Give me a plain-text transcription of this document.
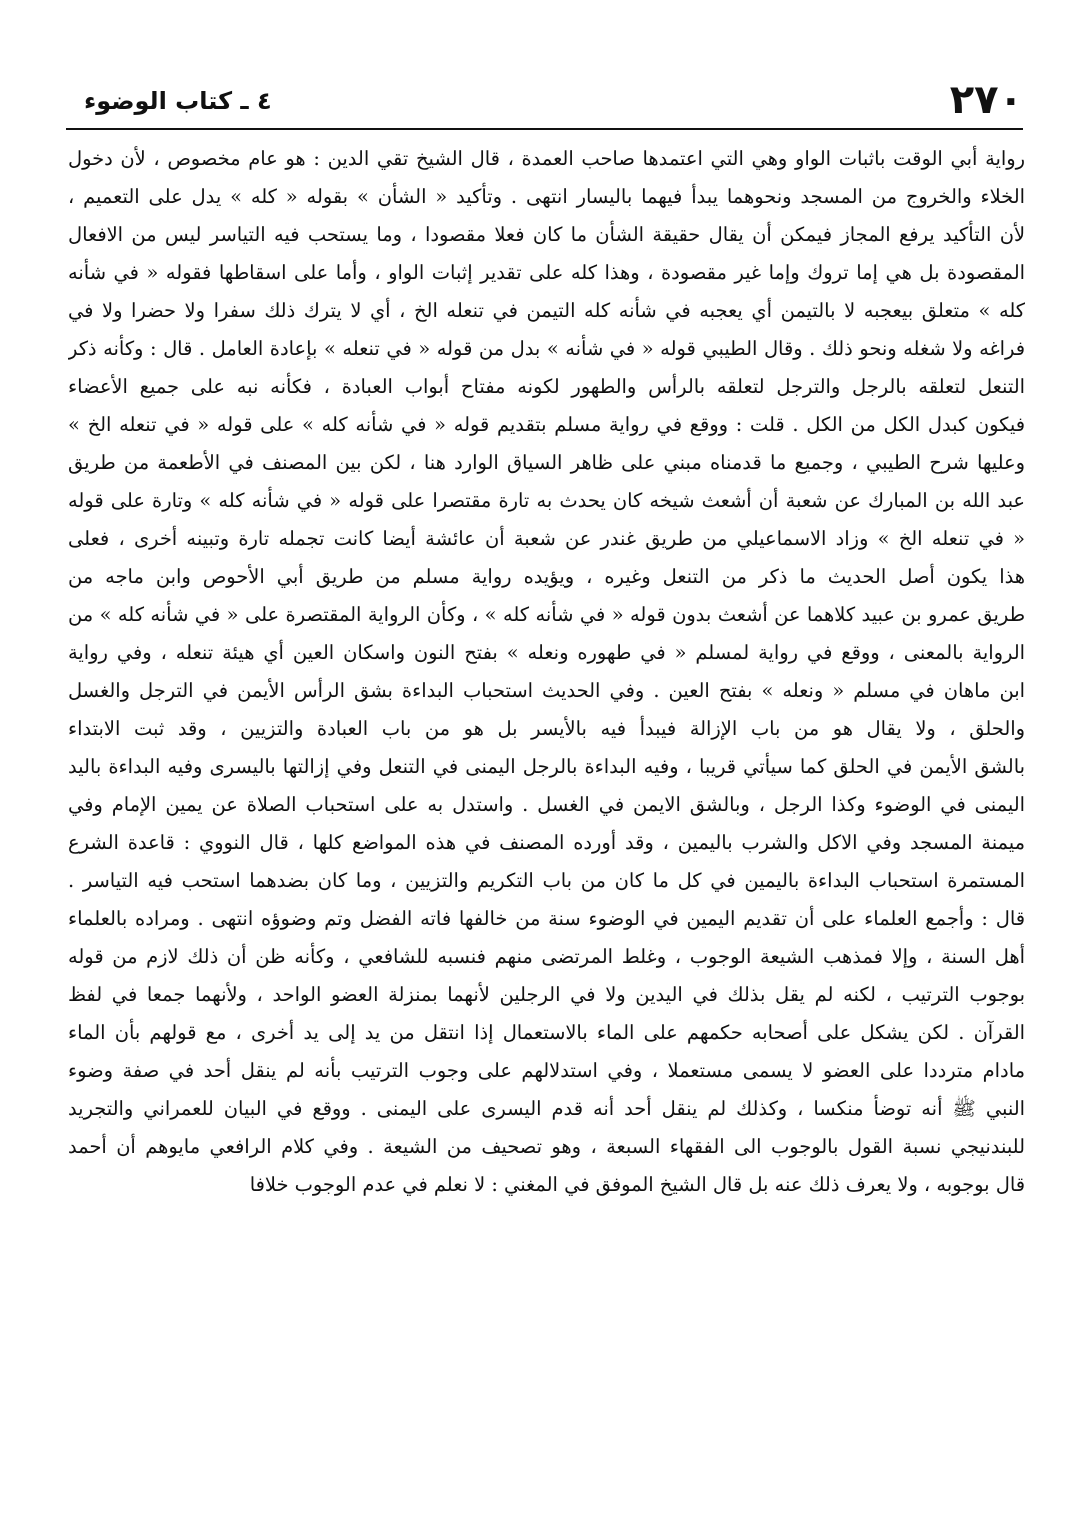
٢٧٠
٤ ـ كتاب الوضوء
رواية أبي الوقت باثبات الواو وهي التي اعتمدها صاحب العمدة ، قال الشيخ تقي الدين : هو عام مخصوص ، لأن دخول
الخلاء والخروج من المسجد ونحوهما يبدأ فيهما باليسار انتهى . وتأكيد « الشأن » بقوله « كله » يدل على التعميم ،
لأن التأكيد يرفع المجاز فيمكن أن يقال حقيقة الشأن ما كان فعلا مقصودا ، وما يستحب فيه التياسر ليس من الافعال
المقصودة بل هي إما تروك وإما غير مقصودة ، وهذا كله على تقدير إثبات الواو ، وأما على اسقاطها فقوله « في شأنه
كله » متعلق بيعجبه لا بالتيمن أي يعجبه في شأنه كله التيمن في تنعله الخ ، أي لا يترك ذلك سفرا ولا حضرا ولا في
فراغه ولا شغله ونحو ذلك . وقال الطيبي قوله « في شأنه » بدل من قوله « في تنعله » بإعادة العامل . قال : وكأنه ذكر
التنعل لتعلقه بالرجل والترجل لتعلقه بالرأس والطهور لكونه مفتاح أبواب العبادة ، فكأنه نبه على جميع الأعضاء
فيكون كبدل الكل من الكل . قلت : ووقع في رواية مسلم بتقديم قوله « في شأنه كله » على قوله « في تنعله الخ »
وعليها شرح الطيبي ، وجميع ما قدمناه مبني على ظاهر السياق الوارد هنا ، لكن بين المصنف في الأطعمة من طريق
عبد الله بن المبارك عن شعبة أن أشعث شيخه كان يحدث به تارة مقتصرا على قوله « في شأنه كله » وتارة على قوله
« في تنعله الخ » وزاد الاسماعيلي من طريق غندر عن شعبة أن عائشة أيضا كانت تجمله تارة وتبينه أخرى ، فعلى
هذا يكون أصل الحديث ما ذكر من التنعل وغيره ، ويؤيده رواية مسلم من طريق أبي الأحوص وابن ماجه من
طريق عمرو بن عبيد كلاهما عن أشعث بدون قوله « في شأنه كله » ، وكأن الرواية المقتصرة على « في شأنه كله » من
الرواية بالمعنى ، ووقع في رواية لمسلم « في طهوره ونعله » بفتح النون واسكان العين أي هيئة تنعله ، وفي رواية
ابن ماهان في مسلم « ونعله » بفتح العين . وفي الحديث استحباب البداءة بشق الرأس الأيمن في الترجل والغسل
والحلق ، ولا يقال هو من باب الإزالة فيبدأ فيه بالأيسر بل هو من باب العبادة والتزيين ، وقد ثبت الابتداء
بالشق الأيمن في الحلق كما سيأتي قريبا ، وفيه البداءة بالرجل اليمنى في التنعل وفي إزالتها باليسرى وفيه البداءة باليد
اليمنى في الوضوء وكذا الرجل ، وبالشق الايمن في الغسل . واستدل به على استحباب الصلاة عن يمين الإمام وفي
ميمنة المسجد وفي الاكل والشرب باليمين ، وقد أورده المصنف في هذه المواضع كلها ، قال النووي : قاعدة الشرع
المستمرة استحباب البداءة باليمين في كل ما كان من باب التكريم والتزيين ، وما كان بضدهما استحب فيه التياسر .
قال : وأجمع العلماء على أن تقديم اليمين في الوضوء سنة من خالفها فاته الفضل وتم وضوؤه انتهى . ومراده بالعلماء
أهل السنة ، وإلا فمذهب الشيعة الوجوب ، وغلط المرتضى منهم فنسبه للشافعي ، وكأنه ظن أن ذلك لازم من قوله
بوجوب الترتيب ، لكنه لم يقل بذلك في اليدين ولا في الرجلين لأنهما بمنزلة العضو الواحد ، ولأنهما جمعا في لفظ
القرآن . لكن يشكل على أصحابه حكمهم على الماء بالاستعمال إذا انتقل من يد إلى يد أخرى ، مع قولهم بأن الماء
مادام مترددا على العضو لا يسمى مستعملا ، وفي استدلالهم على وجوب الترتيب بأنه لم ينقل أحد في صفة وضوء
النبي ﷺ أنه توضأ منكسا ، وكذلك لم ينقل أحد أنه قدم اليسرى على اليمنى . ووقع في البيان للعمراني والتجريد
للبندنيجي نسبة القول بالوجوب الى الفقهاء السبعة ، وهو تصحيف من الشيعة . وفي كلام الرافعي مايوهم أن أحمد
قال بوجوبه ، ولا يعرف ذلك عنه بل قال الشيخ الموفق في المغني : لا نعلم في عدم الوجوب خلافا
